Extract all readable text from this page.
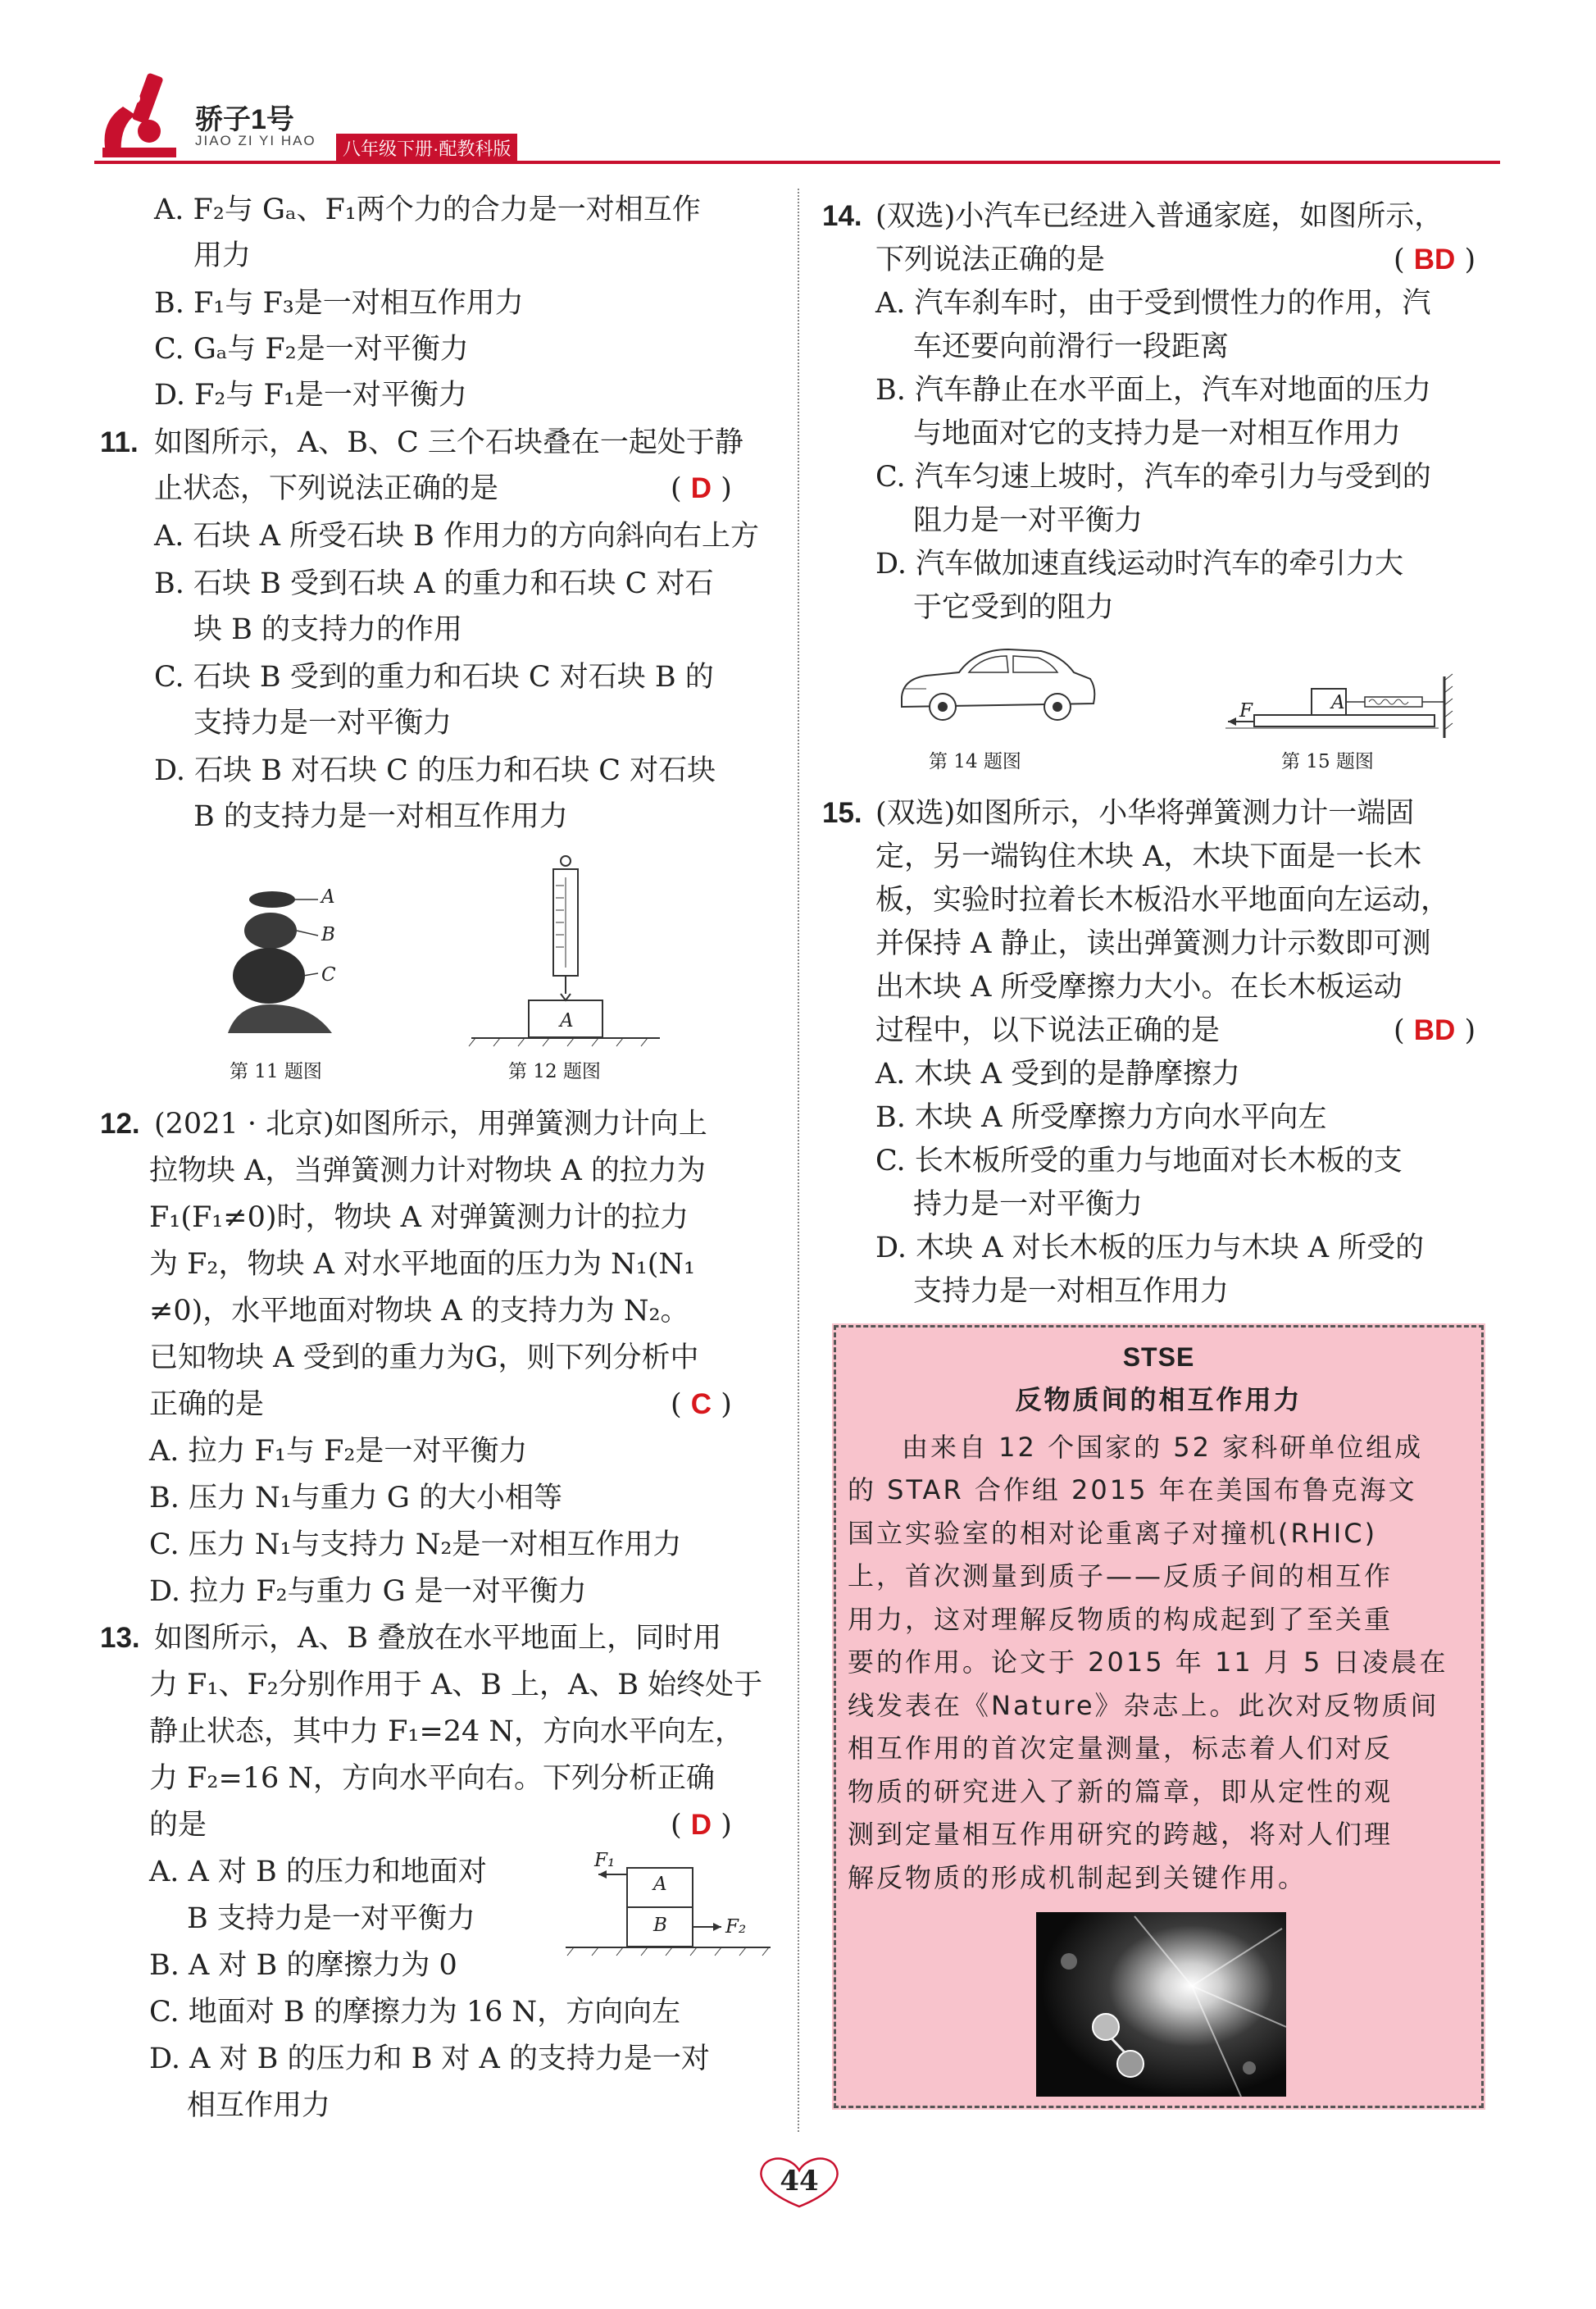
骄子1号
JIAO ZI YI HAO	八年级下册·配教科版
A. F₂与 Gₐ、F₁两个力的合力是一对相互作
用力
B. F₁与 F₃是一对相互作用力
C. Gₐ与 F₂是一对平衡力
D. F₂与 F₁是一对平衡力
11. 如图所示，A、B、C 三个石块叠在一起处于静
止状态，下列说法正确的是	( D )
A. 石块 A 所受石块 B 作用力的方向斜向右上方
B. 石块 B 受到石块 A 的重力和石块 C 对石
块 B 的支持力的作用
C. 石块 B 受到的重力和石块 C 对石块 B 的
支持力是一对平衡力
D. 石块 B 对石块 C 的压力和石块 C 对石块
B 的支持力是一对相互作用力
A
B
C
第 11 题图
A
第 12 题图
12. (2021 · 北京)如图所示，用弹簧测力计向上
拉物块 A，当弹簧测力计对物块 A 的拉力为
F₁(F₁≠0)时，物块 A 对弹簧测力计的拉力
为 F₂，物块 A 对水平地面的压力为 N₁(N₁
≠0)，水平地面对物块 A 的支持力为 N₂。
已知物块 A 受到的重力为G，则下列分析中
正确的是	( C )
A. 拉力 F₁与 F₂是一对平衡力
B. 压力 N₁与重力 G 的大小相等
C. 压力 N₁与支持力 N₂是一对相互作用力
D. 拉力 F₂与重力 G 是一对平衡力
13. 如图所示，A、B 叠放在水平地面上，同时用
力 F₁、F₂分别作用于 A、B 上，A、B 始终处于
静止状态，其中力 F₁=24 N，方向水平向左，
力 F₂=16 N，方向水平向右。下列分析正确
的是	( D )
A. A 对 B 的压力和地面对
B 支持力是一对平衡力
B. A 对 B 的摩擦力为 0
C. 地面对 B 的摩擦力为 16 N，方向向左
D. A 对 B 的压力和 B 对 A 的支持力是一对
相互作用力
A
B
F₁
F₂
14. (双选)小汽车已经进入普通家庭，如图所示，
下列说法正确的是	( BD )
A. 汽车刹车时，由于受到惯性力的作用，汽
车还要向前滑行一段距离
B. 汽车静止在水平面上，汽车对地面的压力
与地面对它的支持力是一对相互作用力
C. 汽车匀速上坡时，汽车的牵引力与受到的
阻力是一对平衡力
D. 汽车做加速直线运动时汽车的牵引力大
于它受到的阻力
第 14 题图
A
F
第 15 题图
15. (双选)如图所示，小华将弹簧测力计一端固
定，另一端钩住木块 A，木块下面是一长木
板，实验时拉着长木板沿水平地面向左运动，
并保持 A 静止，读出弹簧测力计示数即可测
出木块 A 所受摩擦力大小。在长木板运动
过程中，以下说法正确的是	( BD )
A. 木块 A 受到的是静摩擦力
B. 木块 A 所受摩擦力方向水平向左
C. 长木板所受的重力与地面对长木板的支
持力是一对平衡力
D. 木块 A 对长木板的压力与木块 A 所受的
支持力是一对相互作用力
STSE
反物质间的相互作用力
由来自 12 个国家的 52 家科研单位组成
的 STAR 合作组 2015 年在美国布鲁克海文
国立实验室的相对论重离子对撞机(RHIC)
上，首次测量到质子——反质子间的相互作
用力，这对理解反物质的构成起到了至关重
要的作用。论文于 2015 年 11 月 5 日凌晨在
线发表在《Nature》杂志上。此次对反物质间
相互作用的首次定量测量，标志着人们对反
物质的研究进入了新的篇章，即从定性的观
测到定量相互作用研究的跨越，将对人们理
解反物质的形成机制起到关键作用。
44
